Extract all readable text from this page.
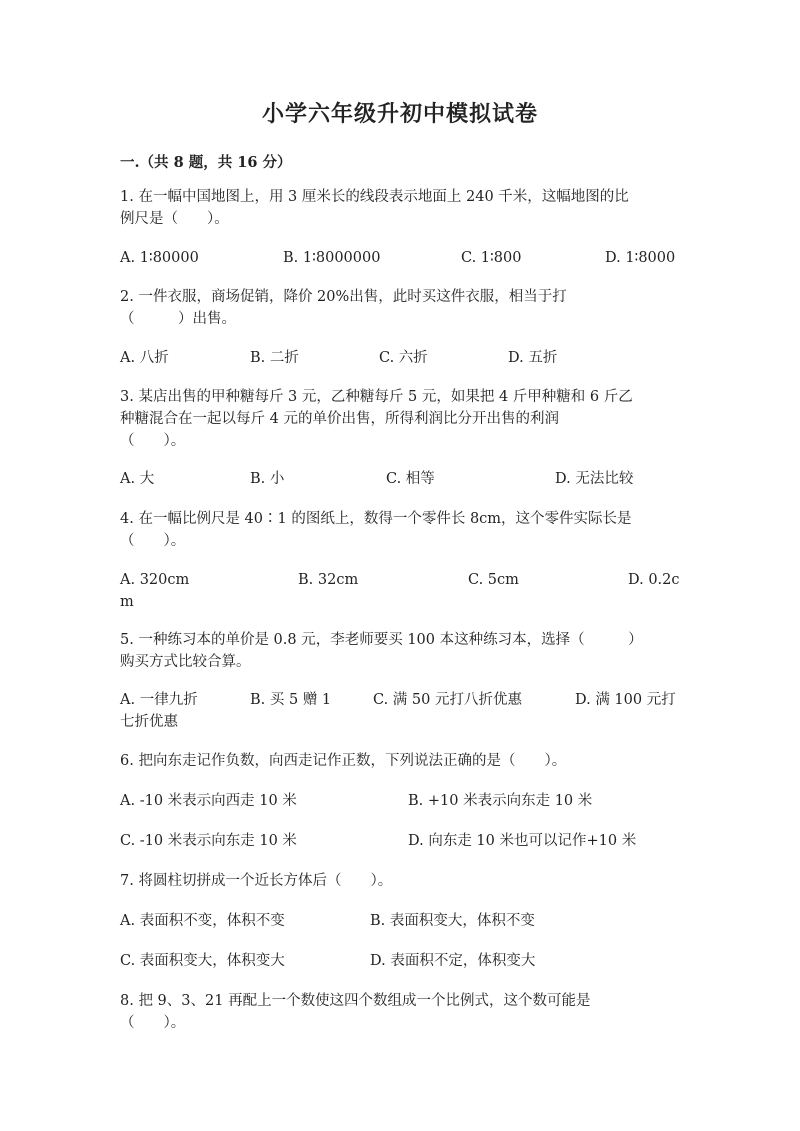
小学六年级升初中模拟试卷
一.（共 8 题，共 16 分）
1. 在一幅中国地图上，用 3 厘米长的线段表示地面上 240 千米，这幅地图的比
例尺是（　　）。
A. 1∶80000	B. 1∶8000000	C. 1∶800	D. 1∶8000
2. 一件衣服，商场促销，降价 20%出售，此时买这件衣服，相当于打
（　　　）出售。
A. 八折	B. 二折	C. 六折	D. 五折
3. 某店出售的甲种糖每斤 3 元，乙种糖每斤 5 元，如果把 4 斤甲种糖和 6 斤乙
种糖混合在一起以每斤 4 元的单价出售，所得利润比分开出售的利润
（　　）。
A. 大	B. 小	C. 相等	D. 无法比较
4. 在一幅比例尺是 40∶1 的图纸上，数得一个零件长 8cm，这个零件实际长是
（　　）。
A. 320cm	B. 32cm	C. 5cm	D. 0.2c
m
5. 一种练习本的单价是 0.8 元，李老师要买 100 本这种练习本，选择（　　　）
购买方式比较合算。
A. 一律九折	B. 买 5 赠 1	C. 满 50 元打八折优惠	D. 满 100 元打
七折优惠
6. 把向东走记作负数，向西走记作正数，下列说法正确的是（　　）。
A. -10 米表示向西走 10 米	B. +10 米表示向东走 10 米
C. -10 米表示向东走 10 米	D. 向东走 10 米也可以记作+10 米
7. 将圆柱切拼成一个近长方体后（　　）。
A. 表面积不变，体积不变	B. 表面积变大，体积不变
C. 表面积变大，体积变大	D. 表面积不定，体积变大
8. 把 9、3、21 再配上一个数使这四个数组成一个比例式，这个数可能是
（　　）。
